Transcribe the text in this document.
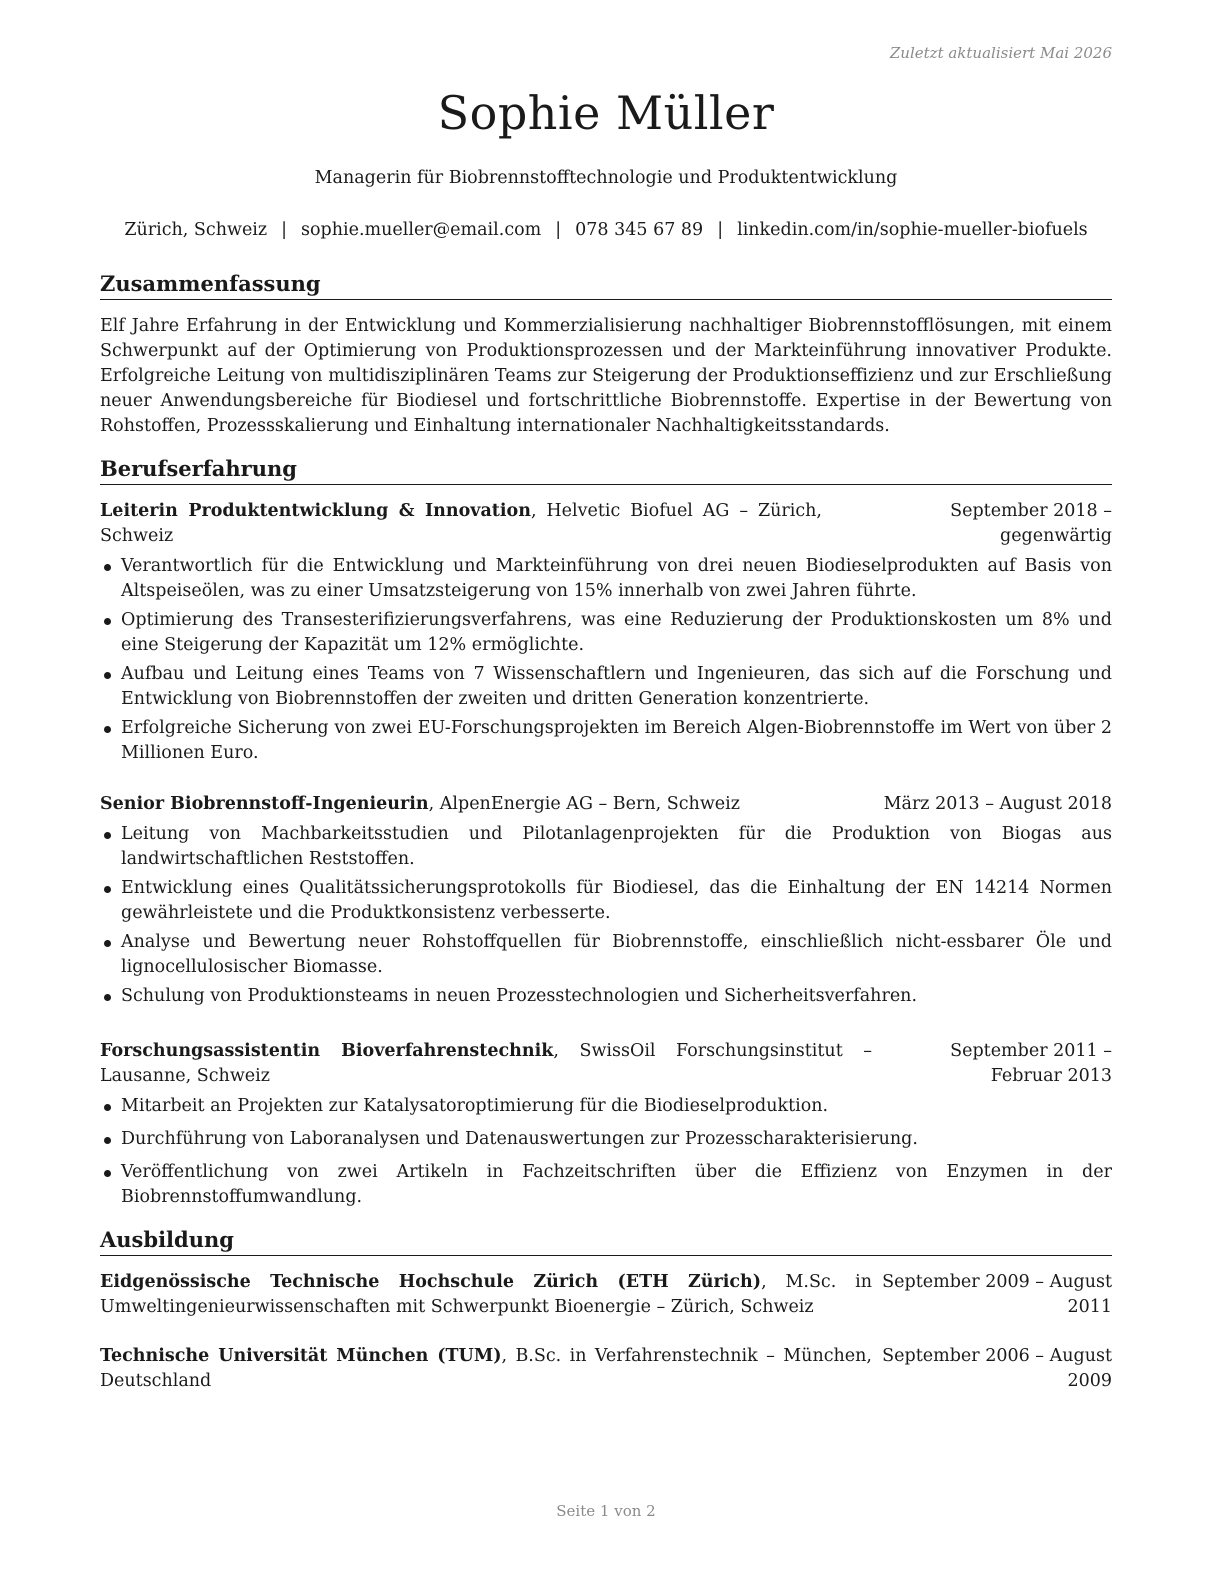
Zuletzt aktualisiert Mai 2026
Sophie Müller
Managerin für Biobrennstofftechnologie und Produktentwicklung
Zürich, Schweiz | sophie.mueller@email.com | 078 345 67 89 | linkedin.com/in/sophie-mueller-biofuels
Zusammenfassung
Elf Jahre Erfahrung in der Entwicklung und Kommerzialisierung nachhaltiger Biobrennstofflösungen, mit einem Schwerpunkt auf der Optimierung von Produktionsprozessen und der Markteinführung innovativer Produkte. Erfolgreiche Leitung von multidisziplinären Teams zur Steigerung der Produktionseffizienz und zur Erschließung neuer Anwendungsbereiche für Biodiesel und fortschrittliche Biobrennstoffe. Expertise in der Bewertung von Rohstoffen, Prozessskalierung und Einhaltung internationaler Nachhaltigkeitsstandards.
Berufserfahrung
Leiterin Produktentwicklung & Innovation, Helvetic Biofuel AG – Zürich, Schweiz
September 2018 – gegenwärtig
Verantwortlich für die Entwicklung und Markteinführung von drei neuen Biodieselprodukten auf Basis von Altspeiseölen, was zu einer Umsatzsteigerung von 15% innerhalb von zwei Jahren führte.
Optimierung des Transesterifizierungsverfahrens, was eine Reduzierung der Produktionskosten um 8% und eine Steigerung der Kapazität um 12% ermöglichte.
Aufbau und Leitung eines Teams von 7 Wissenschaftlern und Ingenieuren, das sich auf die Forschung und Entwicklung von Biobrennstoffen der zweiten und dritten Generation konzentrierte.
Erfolgreiche Sicherung von zwei EU-Forschungsprojekten im Bereich Algen-Biobrennstoffe im Wert von über 2 Millionen Euro.
Senior Biobrennstoff-Ingenieurin, AlpenEnergie AG – Bern, Schweiz	März 2013 – August 2018
Leitung von Machbarkeitsstudien und Pilotanlagenprojekten für die Produktion von Biogas aus landwirtschaftlichen Reststoffen.
Entwicklung eines Qualitätssicherungsprotokolls für Biodiesel, das die Einhaltung der EN 14214 Normen gewährleistete und die Produktkonsistenz verbesserte.
Analyse und Bewertung neuer Rohstoffquellen für Biobrennstoffe, einschließlich nicht-essbarer Öle und lignocellulosischer Biomasse.
Schulung von Produktionsteams in neuen Prozesstechnologien und Sicherheitsverfahren.
Forschungsassistentin Bioverfahrenstechnik, SwissOil Forschungsinstitut – Lausanne, Schweiz
September 2011 – Februar 2013
Mitarbeit an Projekten zur Katalysatoroptimierung für die Biodieselproduktion.
Durchführung von Laboranalysen und Datenauswertungen zur Prozesscharakterisierung.
Veröffentlichung von zwei Artikeln in Fachzeitschriften über die Effizienz von Enzymen in der Biobrennstoffumwandlung.
Ausbildung
Eidgenössische Technische Hochschule Zürich (ETH Zürich), M.Sc. in Umweltingenieurwissenschaften mit Schwerpunkt Bioenergie – Zürich, Schweiz
September 2009 – August 2011
Technische Universität München (TUM), B.Sc. in Verfahrenstechnik – München, Deutschland
September 2006 – August 2009
Seite 1 von 2
